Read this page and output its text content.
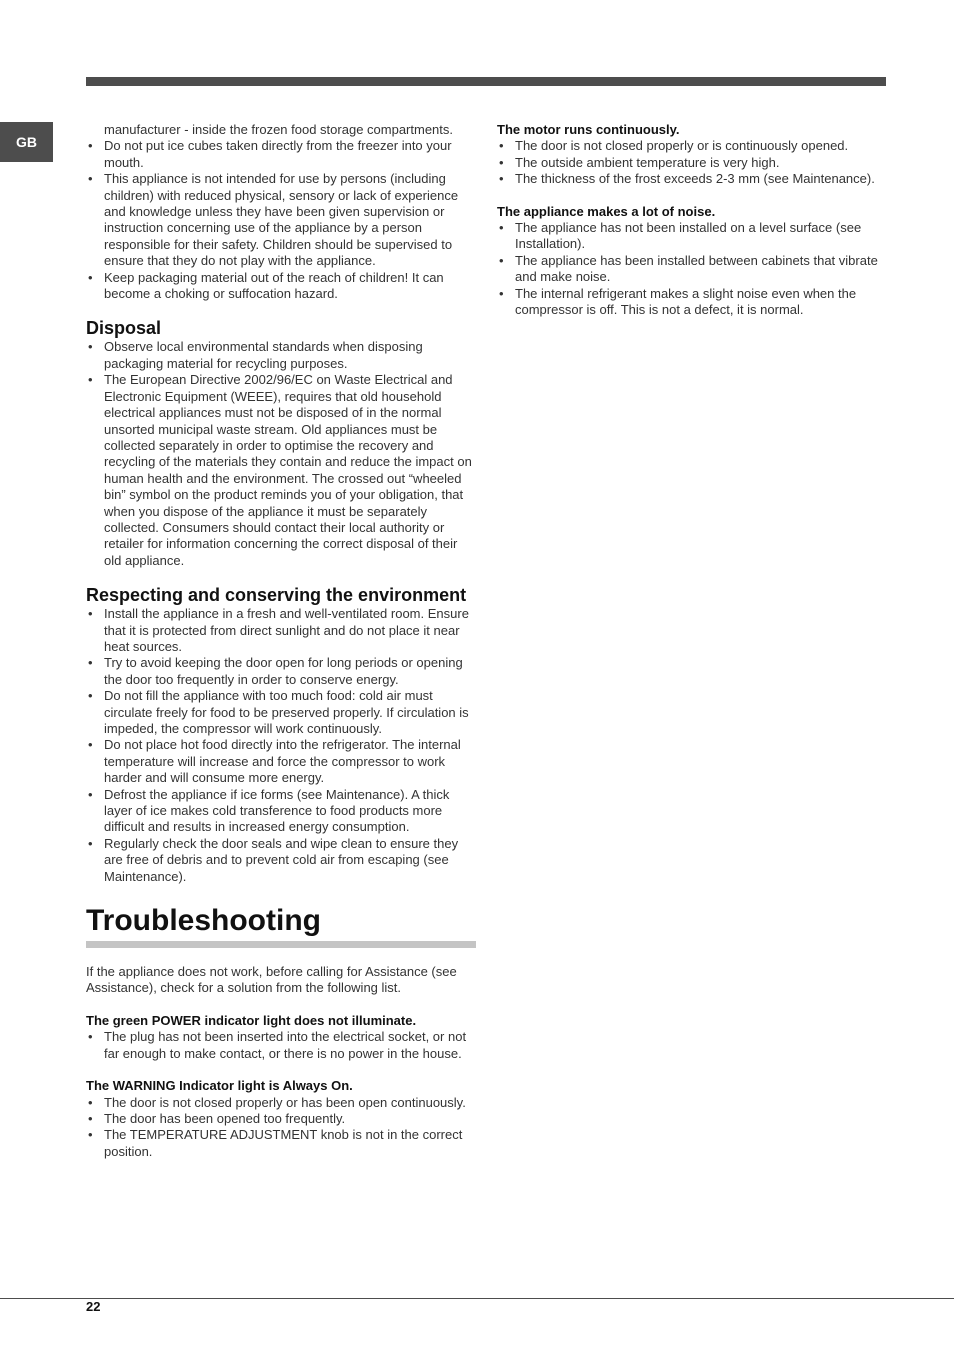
GB

manufacturer - inside the frozen food storage compartments.

• Do not put ice cubes taken directly from the freezer into your mouth.
• This appliance is not intended for use by persons (including children) with reduced physical, sensory or lack of experience and knowledge unless they have been given supervision or instruction concerning use of the appliance by a person responsible for their safety. Children should be supervised to ensure that they do not play with the appliance.
• Keep packaging material out of the reach of children! It can become a choking or suffocation hazard.
Disposal
• Observe local environmental standards when disposing packaging material for recycling purposes.
• The European Directive 2002/96/EC on Waste Electrical and Electronic Equipment (WEEE), requires that old household electrical appliances must not be disposed of in the normal unsorted municipal waste stream. Old appliances must be collected separately in order to optimise the recovery and recycling of the materials they contain and reduce the impact on human health and the environment. The crossed out “wheeled bin” symbol on the product reminds you of your obligation, that when you dispose of the appliance it must be separately collected. Consumers should contact their local authority or retailer for information concerning the correct disposal of their old appliance.
Respecting and conserving the environment
• Install the appliance in a fresh and well-ventilated room. Ensure that it is protected from direct sunlight and do not place it near heat sources.
• Try to avoid keeping the door open for long periods or opening the door too frequently in order to conserve energy.
• Do not fill the appliance with too much food: cold air must circulate freely for food to be preserved properly. If circulation is impeded, the compressor will work continuously.
• Do not place hot food directly into the refrigerator. The internal temperature will increase and force the compressor to work harder and will consume more energy.
• Defrost the appliance if ice forms (see Maintenance). A thick layer of ice makes cold transference to food products more difficult and results in increased energy consumption.
• Regularly check the door seals and wipe clean to ensure they are free of debris and to prevent cold air from escaping (see Maintenance).
Troubleshooting

If the appliance does not work, before calling for Assistance (see Assistance), check for a solution from the following list.

The green POWER indicator light does not illuminate.

• The plug has not been inserted into the electrical socket, or not far enough to make contact, or there is no power in the house.

The WARNING Indicator light is Always On.

• The door is not closed properly or has been open continuously.
• The door has been opened too frequently.
• The TEMPERATURE ADJUSTMENT knob is not in the correct position.

The motor runs continuously.

• The door is not closed properly or is continuously opened.
• The outside ambient temperature is very high.
• The thickness of the frost exceeds 2-3 mm (see Maintenance).

The appliance makes a lot of noise.

• The appliance has not been installed on a level surface (see Installation).
• The appliance has been installed between cabinets that vibrate and make noise.
• The internal refrigerant makes a slight noise even when the compressor is off. This is not a defect, it is normal.
22
